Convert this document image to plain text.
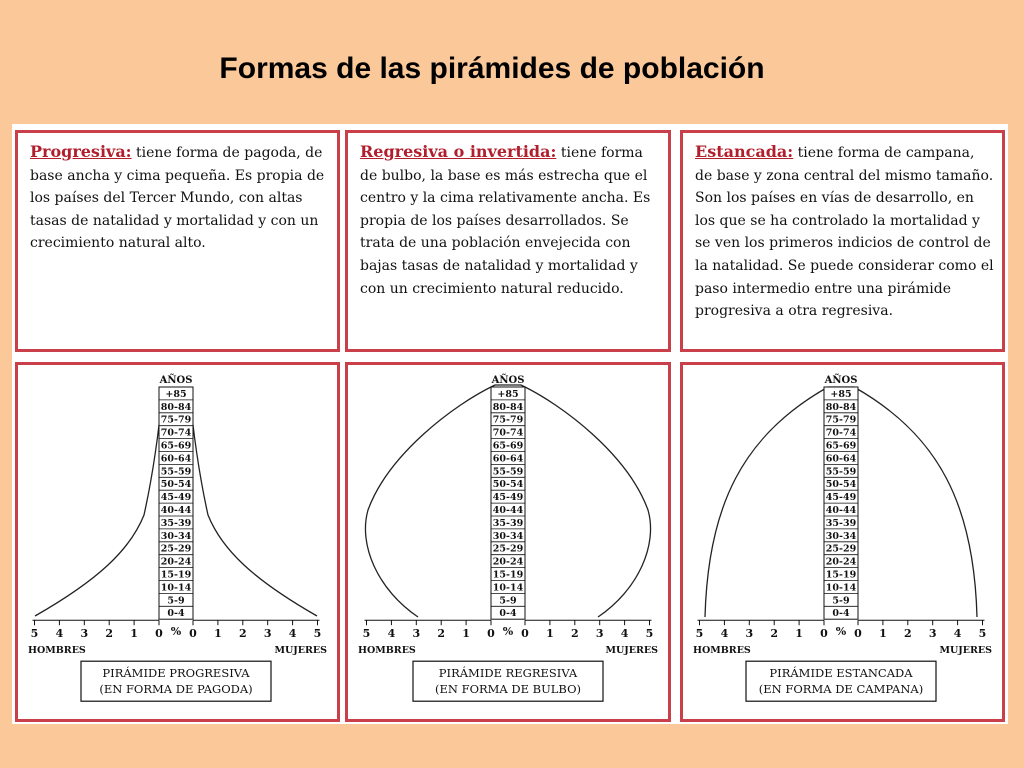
Formas de las pirámides de población
Progresiva: tiene forma de pagoda, de base ancha y cima pequeña. Es propia de los países del Tercer Mundo, con altas tasas de natalidad y mortalidad y con un crecimiento natural alto.
Regresiva o invertida: tiene forma de bulbo, la base es más estrecha que el centro y la cima relativamente ancha. Es propia de los países desarrollados. Se trata de una población envejecida con bajas tasas de natalidad y mortalidad y con un crecimiento natural reducido.
Estancada: tiene forma de campana, de base y zona central del mismo tamaño. Son los países en vías de desarrollo, en los que se ha controlado la mortalidad y se ven los primeros indicios de control de la natalidad. Se puede considerar como el paso intermedio entre una pirámide progresiva a otra regresiva.
AÑOS
+85
80-84
75-79
70-74
65-69
60-64
55-59
50-54
45-49
40-44
35-39
30-34
25-29
20-24
15-19
10-14
5-9
0-4
5 4 3 2 1 0 0 1 2 3 4 5
%
HOMBRES	MUJERES
PIRÁMIDE PROGRESIVA
(EN FORMA DE PAGODA)
AÑOS
+85
80-84
75-79
70-74
65-69
60-64
55-59
50-54
45-49
40-44
35-39
30-34
25-29
20-24
15-19
10-14
5-9
0-4
5 4 3 2 1 0 0 1 2 3 4 5
%
HOMBRES	MUJERES
PIRÁMIDE REGRESIVA
(EN FORMA DE BULBO)
AÑOS
+85
80-84
75-79
70-74
65-69
60-64
55-59
50-54
45-49
40-44
35-39
30-34
25-29
20-24
15-19
10-14
5-9
0-4
5 4 3 2 1 0 0 1 2 3 4 5
%
HOMBRES	MUJERES
PIRÁMIDE ESTANCADA
(EN FORMA DE CAMPANA)
